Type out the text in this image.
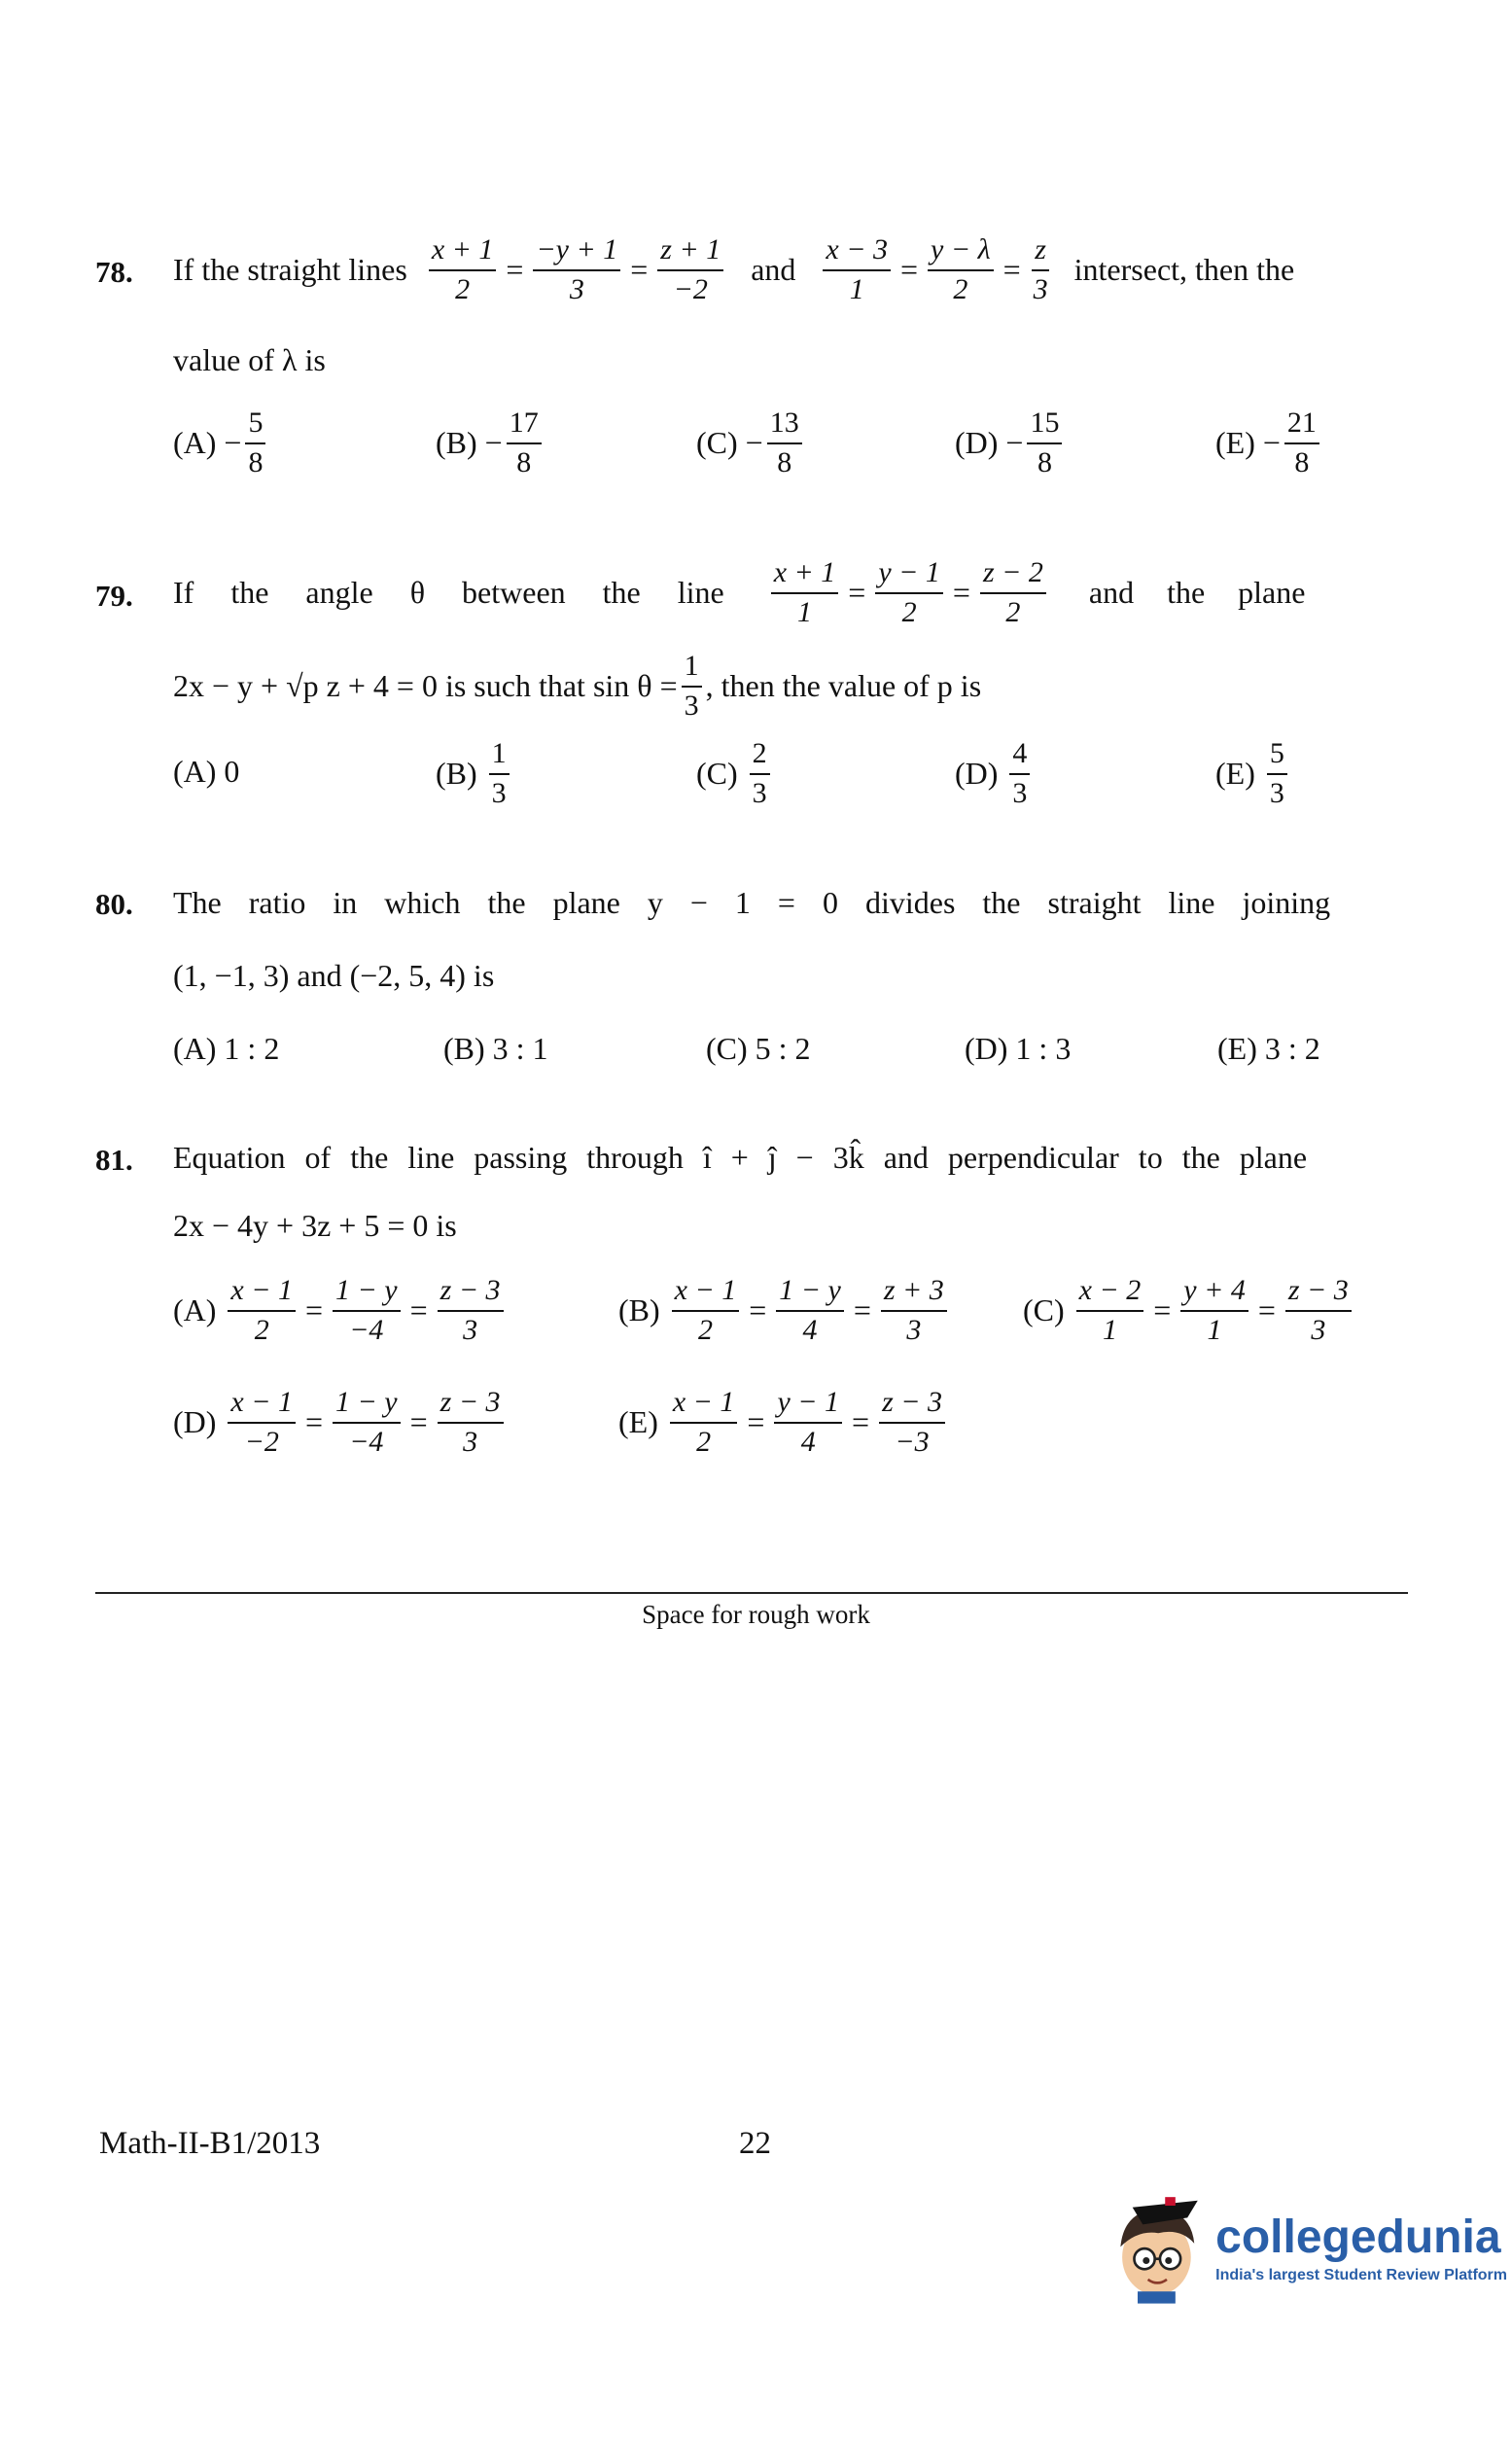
78. If the straight lines $\frac{x + 1}{2} = \frac{-y + 1}{3} = \frac{z + 1}{-2}$ and $\frac{x - 3}{1} = \frac{y - \lambda}{2} = \frac{z}{3}$ intersect, then the
value of λ is
$(A) - \frac{5}{8}$	$(B) - \frac{17}{8}$	$(C) - \frac{13}{8}$	$(D) - \frac{15}{8}$	$(E) - \frac{21}{8}$
79. If the angle θ between the line $\frac{x + 1}{1} = \frac{y - 1}{2} = \frac{z - 2}{2}$ and the plane
2x − y + √p z + 4 = 0 is such that $\sin \theta = \frac{1}{3}$ , then the value of p is
(A) 0	$(B) \frac{1}{3}$	$(C) \frac{2}{3}$	$(D) \frac{4}{3}$	$(E) \frac{5}{3}$
80. The ratio in which the plane y − 1 = 0 divides the straight line joining
(1, −1, 3) and (−2, 5, 4) is
(A) 1 : 2	(B) 3 : 1	(C) 5 : 2	(D) 1 : 3	(E) 3 : 2
81. Equation of the line passing through î + ĵ − 3k̂ and perpendicular to the plane
2x − 4y + 3z + 5 = 0 is
$(A) \frac{x - 1}{2} = \frac{1 - y}{-4} = \frac{z - 3}{3}$	$(B) \frac{x - 1}{2} = \frac{1 - y}{4} = \frac{z + 3}{3} (C) \frac{x - 2}{1} = \frac{y + 4}{1} = \frac{z - 3}{3}$
$(D) \frac{x - 1}{-2} = \frac{1 - y}{-4} = \frac{z - 3}{3}$	$(E) \frac{x - 1}{2} = \frac{y - 1}{4} = \frac{z - 3}{-3}$
Space for rough work
Math-II-B1/2013	22
collegedunia
India's largest Student Review Platform
